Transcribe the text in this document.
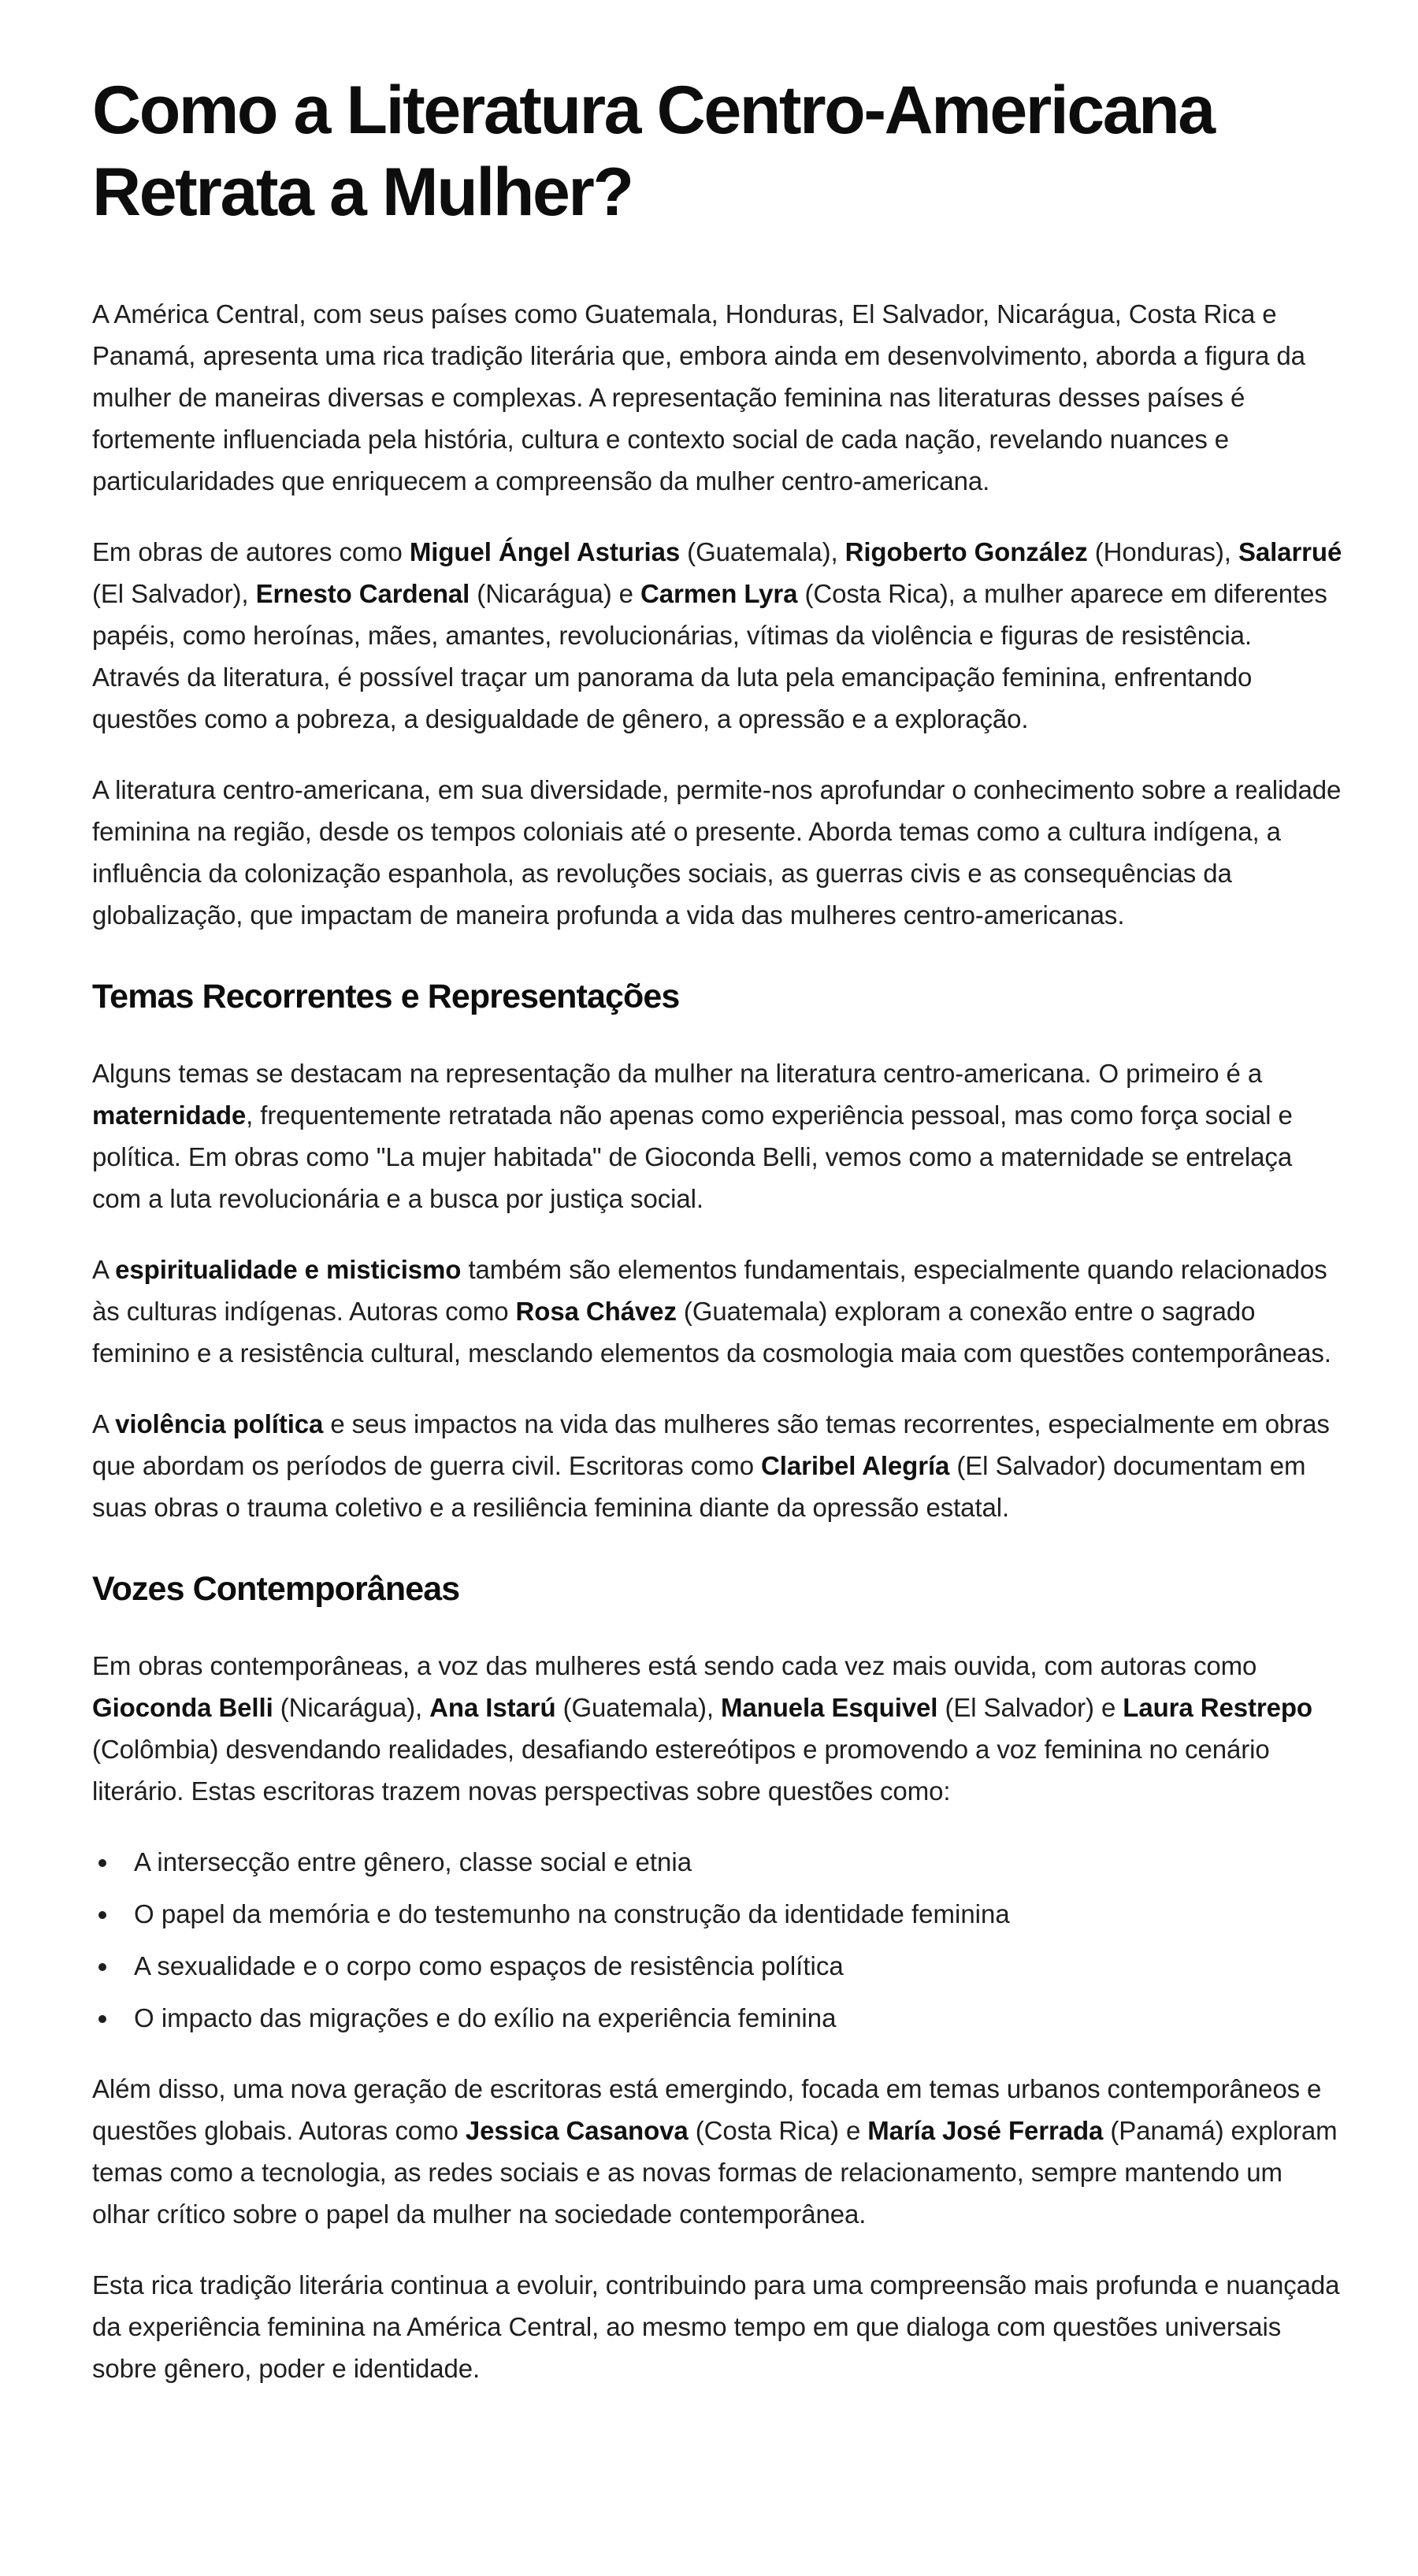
Como a Literatura Centro-Americana Retrata a Mulher?

A América Central, com seus países como Guatemala, Honduras, El Salvador, Nicarágua, Costa Rica e Panamá, apresenta uma rica tradição literária que, embora ainda em desenvolvimento, aborda a figura da mulher de maneiras diversas e complexas. A representação feminina nas literaturas desses países é fortemente influenciada pela história, cultura e contexto social de cada nação, revelando nuances e particularidades que enriquecem a compreensão da mulher centro-americana.

Em obras de autores como Miguel Ángel Asturias (Guatemala), Rigoberto González (Honduras), Salarrué (El Salvador), Ernesto Cardenal (Nicarágua) e Carmen Lyra (Costa Rica), a mulher aparece em diferentes papéis, como heroínas, mães, amantes, revolucionárias, vítimas da violência e figuras de resistência. Através da literatura, é possível traçar um panorama da luta pela emancipação feminina, enfrentando questões como a pobreza, a desigualdade de gênero, a opressão e a exploração.

A literatura centro-americana, em sua diversidade, permite-nos aprofundar o conhecimento sobre a realidade feminina na região, desde os tempos coloniais até o presente. Aborda temas como a cultura indígena, a influência da colonização espanhola, as revoluções sociais, as guerras civis e as consequências da globalização, que impactam de maneira profunda a vida das mulheres centro-americanas.

Temas Recorrentes e Representações

Alguns temas se destacam na representação da mulher na literatura centro-americana. O primeiro é a maternidade, frequentemente retratada não apenas como experiência pessoal, mas como força social e política. Em obras como "La mujer habitada" de Gioconda Belli, vemos como a maternidade se entrelaça com a luta revolucionária e a busca por justiça social.

A espiritualidade e misticismo também são elementos fundamentais, especialmente quando relacionados às culturas indígenas. Autoras como Rosa Chávez (Guatemala) exploram a conexão entre o sagrado feminino e a resistência cultural, mesclando elementos da cosmologia maia com questões contemporâneas.

A violência política e seus impactos na vida das mulheres são temas recorrentes, especialmente em obras que abordam os períodos de guerra civil. Escritoras como Claribel Alegría (El Salvador) documentam em suas obras o trauma coletivo e a resiliência feminina diante da opressão estatal.

Vozes Contemporâneas

Em obras contemporâneas, a voz das mulheres está sendo cada vez mais ouvida, com autoras como Gioconda Belli (Nicarágua), Ana Istarú (Guatemala), Manuela Esquivel (El Salvador) e Laura Restrepo (Colômbia) desvendando realidades, desafiando estereótipos e promovendo a voz feminina no cenário literário. Estas escritoras trazem novas perspectivas sobre questões como:

A intersecção entre gênero, classe social e etnia
O papel da memória e do testemunho na construção da identidade feminina
A sexualidade e o corpo como espaços de resistência política
O impacto das migrações e do exílio na experiência feminina

Além disso, uma nova geração de escritoras está emergindo, focada em temas urbanos contemporâneos e questões globais. Autoras como Jessica Casanova (Costa Rica) e María José Ferrada (Panamá) exploram temas como a tecnologia, as redes sociais e as novas formas de relacionamento, sempre mantendo um olhar crítico sobre o papel da mulher na sociedade contemporânea.

Esta rica tradição literária continua a evoluir, contribuindo para uma compreensão mais profunda e nuançada da experiência feminina na América Central, ao mesmo tempo em que dialoga com questões universais sobre gênero, poder e identidade.
